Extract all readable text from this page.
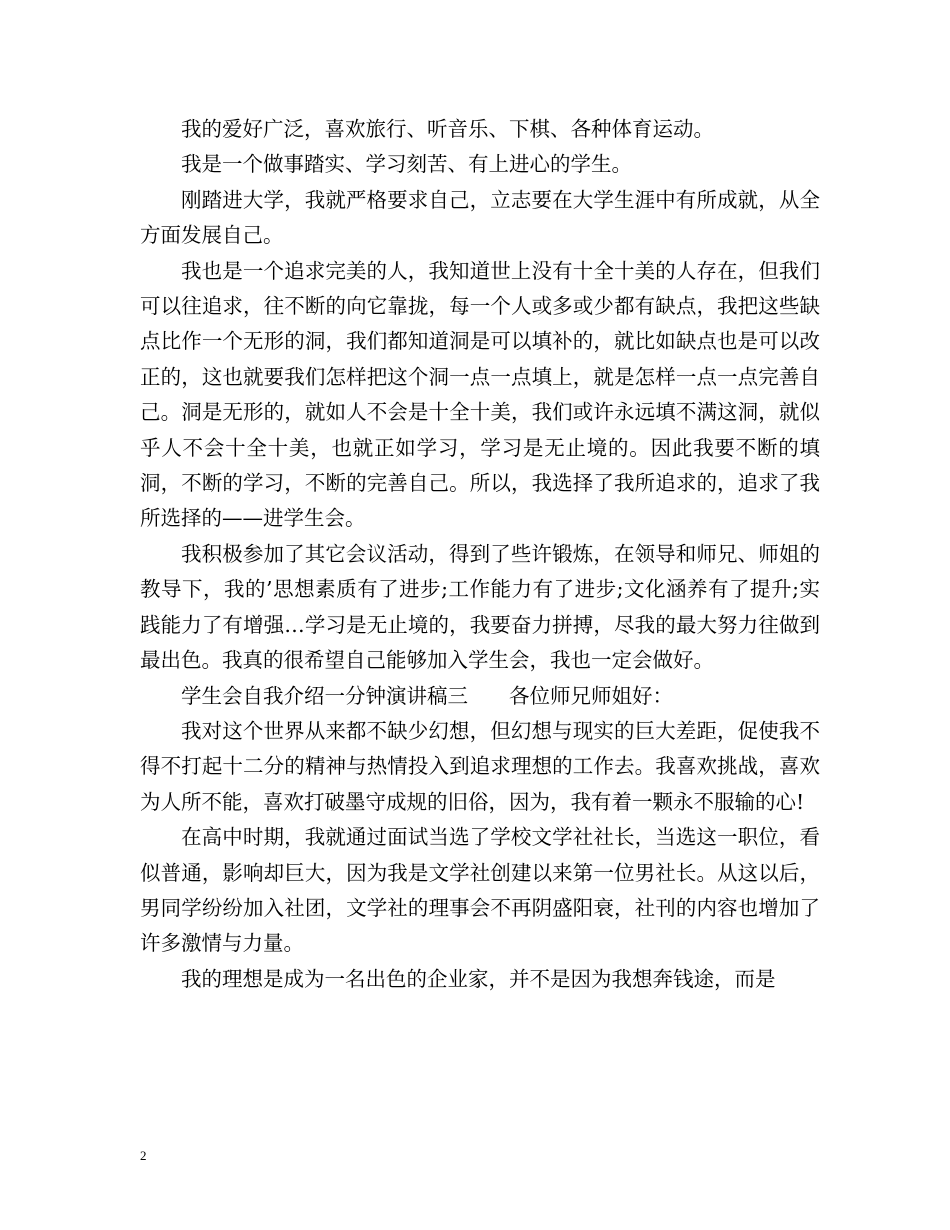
我的爱好广泛，喜欢旅行、听音乐、下棋、各种体育运动。

我是一个做事踏实、学习刻苦、有上进心的学生。

刚踏进大学，我就严格要求自己，立志要在大学生涯中有所成就，从全方面发展自己。

我也是一个追求完美的人，我知道世上没有十全十美的人存在，但我们可以往追求，往不断的向它靠拢，每一个人或多或少都有缺点，我把这些缺点比作一个无形的洞，我们都知道洞是可以填补的，就比如缺点也是可以改正的，这也就要我们怎样把这个洞一点一点填上，就是怎样一点一点完善自己。洞是无形的，就如人不会是十全十美，我们或许永远填不满这洞，就似乎人不会十全十美，也就正如学习，学习是无止境的。因此我要不断的填洞，不断的学习，不断的完善自己。所以，我选择了我所追求的，追求了我所选择的——进学生会。

我积极参加了其它会议活动，得到了些许锻炼，在领导和师兄、师姐的教导下，我的’思想素质有了进步;工作能力有了进步;文化涵养有了提升;实践能力了有增强…学习是无止境的，我要奋力拼搏，尽我的最大努力往做到最出色。我真的很希望自己能够加入学生会，我也一定会做好。

学生会自我介绍一分钟演讲稿三　　各位师兄师姐好：

我对这个世界从来都不缺少幻想，但幻想与现实的巨大差距，促使我不得不打起十二分的精神与热情投入到追求理想的工作去。我喜欢挑战，喜欢为人所不能，喜欢打破墨守成规的旧俗，因为，我有着一颗永不服输的心!

在高中时期，我就通过面试当选了学校文学社社长，当选这一职位，看似普通，影响却巨大，因为我是文学社创建以来第一位男社长。从这以后，男同学纷纷加入社团，文学社的理事会不再阴盛阳衰，社刊的内容也增加了许多激情与力量。

我的理想是成为一名出色的企业家，并不是因为我想奔钱途，而是

2
